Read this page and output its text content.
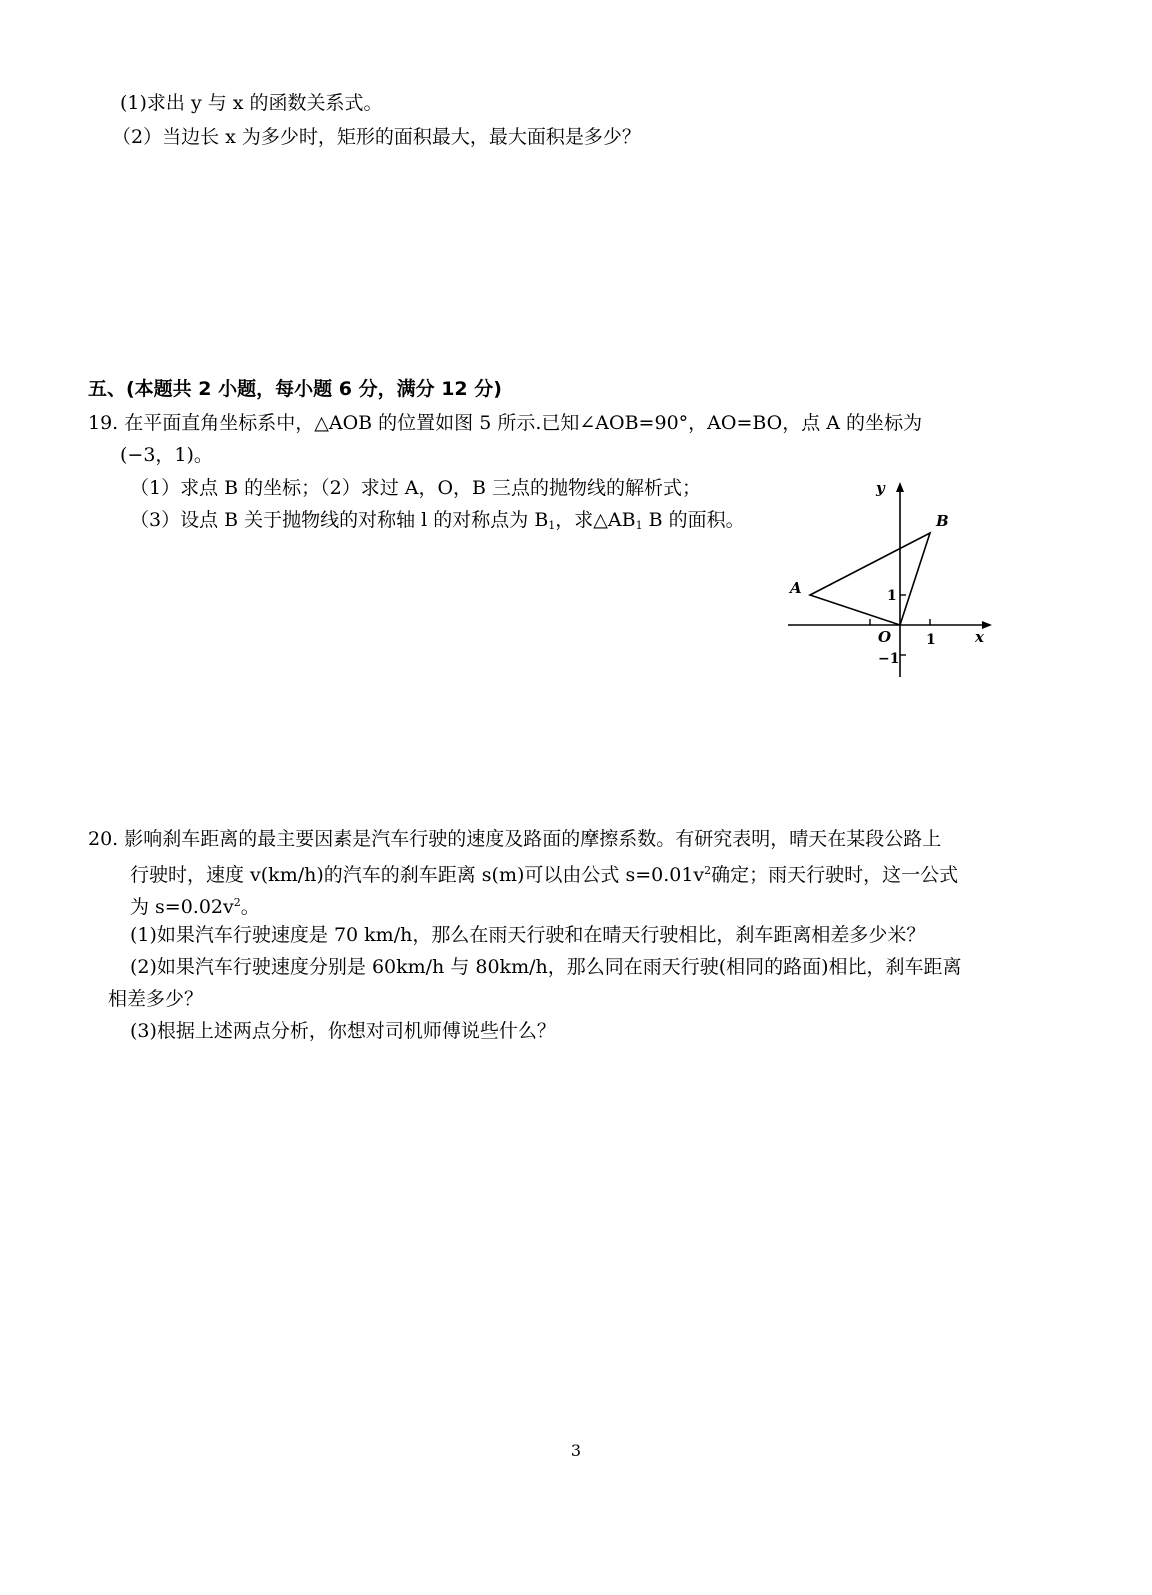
(1)求出 y 与 x 的函数关系式。
（2）当边长 x 为多少时，矩形的面积最大，最大面积是多少？
五、(本题共 2 小题，每小题 6 分，满分 12 分)
19. 在平面直角坐标系中，△AOB 的位置如图 5 所示.已知∠AOB=90°，AO=BO，点 A 的坐标为
(−3，1)。
（1）求点 B 的坐标；（2）求过 A，O，B 三点的抛物线的解析式；
（3）设点 B 关于抛物线的对称轴 l 的对称点为 $B_1$，求$\triangle AB_1$ B 的面积。
y
x
A
B
O
1
1
−1
20. 影响刹车距离的最主要因素是汽车行驶的速度及路面的摩擦系数。有研究表明，晴天在某段公路上
行驶时，速度 v(km/h)的汽车的刹车距离 s(m)可以由公式 $s=0.01v^2$确定；雨天行驶时，这一公式
为 $s=0.02v^2$。
(1)如果汽车行驶速度是 70 km/h，那么在雨天行驶和在晴天行驶相比，刹车距离相差多少米？
(2)如果汽车行驶速度分别是 60km/h 与 80km/h，那么同在雨天行驶(相同的路面)相比，刹车距离
相差多少？
(3)根据上述两点分析，你想对司机师傅说些什么？
3
